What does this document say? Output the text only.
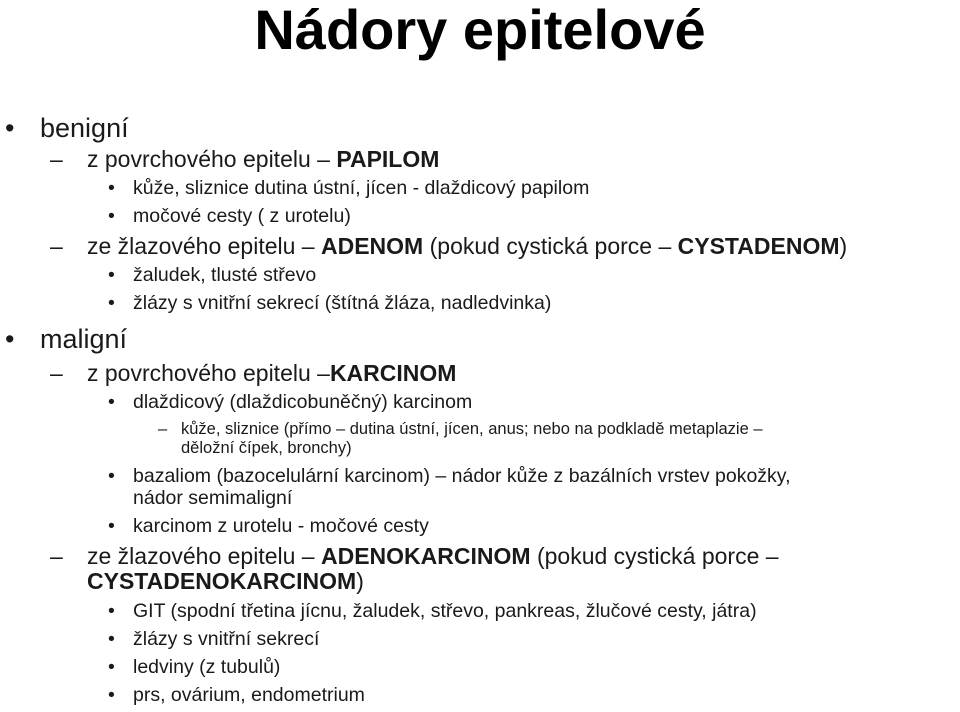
Nádory epitelové
• benigní
– z povrchového epitelu – PAPILOM
• kůže, sliznice dutina ústní, jícen - dlaždicový papilom
• močové cesty ( z urotelu)
– ze žlazového epitelu – ADENOM (pokud cystická porce – CYSTADENOM)
• žaludek, tlusté střevo
• žlázy s vnitřní sekrecí (štítná žláza, nadledvinka)
• maligní
– z povrchového epitelu –KARCINOM
• dlaždicový (dlaždicobuněčný) karcinom
– kůže, sliznice (přímo – dutina ústní, jícen, anus; nebo na podkladě metaplazie –
děložní čípek, bronchy)
• bazaliom (bazocelulární karcinom) – nádor kůže z bazálních vrstev pokožky,
nádor semimaligní
• karcinom z urotelu - močové cesty
– ze žlazového epitelu – ADENOKARCINOM (pokud cystická porce –
CYSTADENOKARCINOM)
• GIT (spodní třetina jícnu, žaludek, střevo, pankreas, žlučové cesty, játra)
• žlázy s vnitřní sekrecí
• ledviny (z tubulů)
• prs, ovárium, endometrium
